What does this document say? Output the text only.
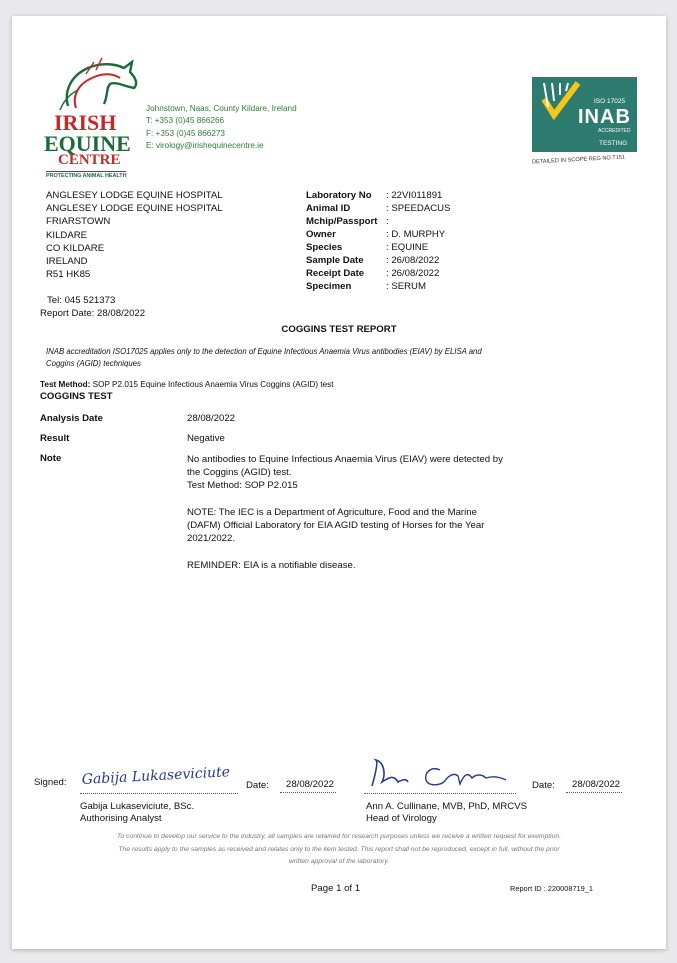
IRISH
EQUINE
CENTRE
PROTECTING ANIMAL HEALTH
Johnstown, Naas, County Kildare, Ireland
T: +353 (0)45 866266
F: +353 (0)45 866273
E: virology@irishequinecentre.ie
ISO 17025
INAB
ACCREDITED
TESTING
DETAILED IN SCOPE REG NO.T151
ANGLESEY LODGE EQUINE HOSPITAL
ANGLESEY LODGE EQUINE HOSPITAL
FRIARSTOWN
KILDARE
CO KILDARE
IRELAND
R51 HK85
Tel: 045 521373
Report Date: 28/08/2022
Laboratory No : 22VI011891
Animal ID	: SPEEDACUS
Mchip/Passport :
Owner	: D. MURPHY
Species	: EQUINE
Sample Date : 26/08/2022
Receipt Date : 26/08/2022
Specimen	: SERUM
COGGINS TEST REPORT
INAB accreditation ISO17025 applies only to the detection of Equine Infectious Anaemia Virus antibodies (EIAV) by ELISA and
Coggins (AGID) techniques
Test Method: SOP P2.015 Equine Infectious Anaemia Virus Coggins (AGID) test
COGGINS TEST
Analysis Date	28/08/2022
Result	Negative
Note	No antibodies to Equine Infectious Anaemia Virus (EIAV) were detected by
the Coggins (AGID) test.
Test Method: SOP P2.015
NOTE: The IEC is a Department of Agriculture, Food and the Marine
(DAFM) Official Laboratory for EIA AGID testing of Horses for the Year
2021/2022.
REMINDER: EIA is a notifiable disease.
Signed: Gabija Lukaseviciute Date:	28/08/2022
Gabija Lukaseviciute, BSc.
Authorising Analyst
Date:	28/08/2022
Ann A. Cullinane, MVB, PhD, MRCVS
Head of Virology
To continue to develop our service to the industry, all samples are retained for research purposes unless we receive a written request for exemption.
The results apply to the samples as received and relates only to the item tested. This report shall not be reproduced, except in full, without the prior
written approval of the laboratory.
Page 1 of 1	Report ID : 220008719_1
